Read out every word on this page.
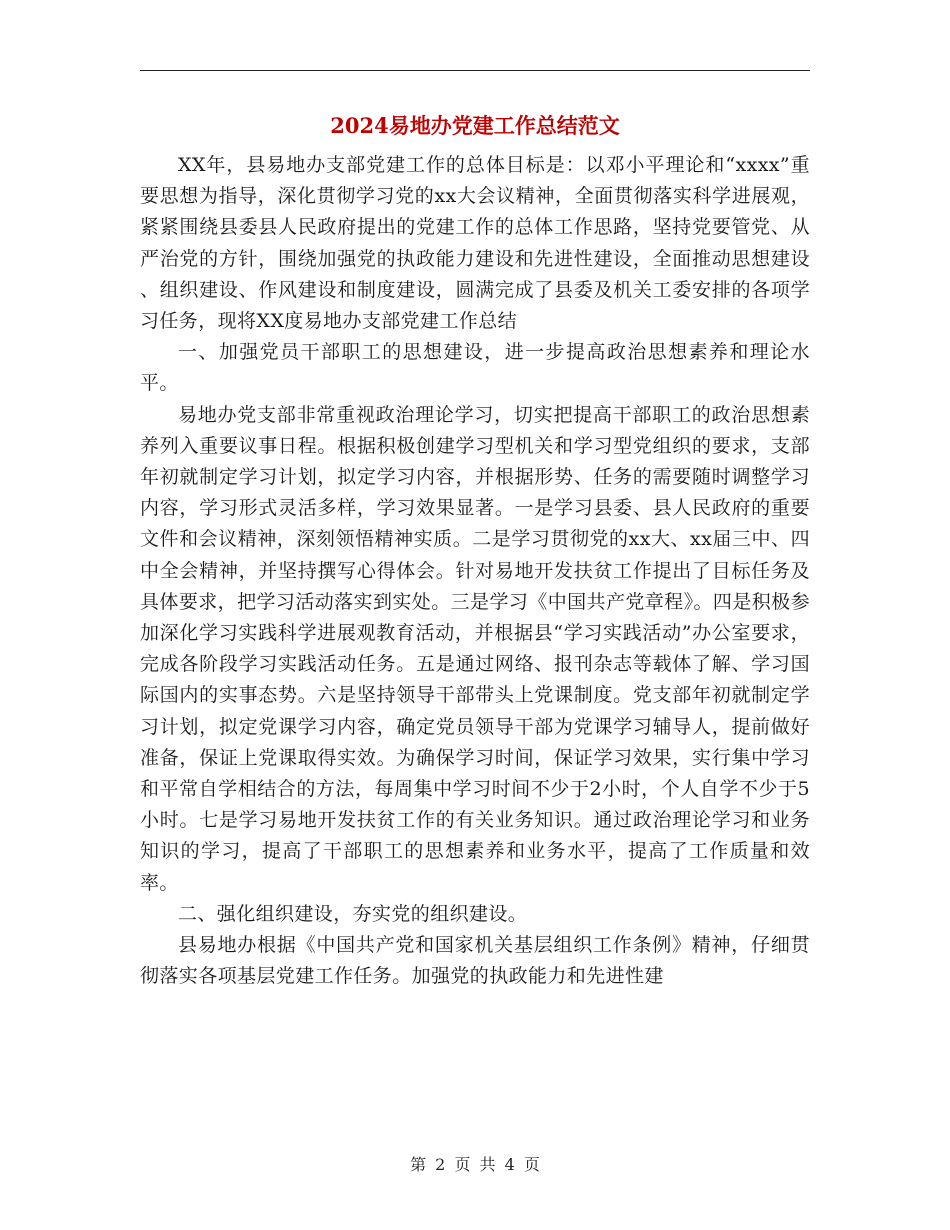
2024易地办党建工作总结范文

XX年，县易地办支部党建工作的总体目标是：以邓小平理论和“xxxx”重要思想为指导，深化贯彻学习党的xx大会议精神，全面贯彻落实科学进展观，紧紧围绕县委县人民政府提出的党建工作的总体工作思路，坚持党要管党、从严治党的方针，围绕加强党的执政能力建设和先进性建设，全面推动思想建设 、组织建设、作风建设和制度建设，圆满完成了县委及机关工委安排的各项学习任务，现将XX度易地办支部党建工作总结

一、加强党员干部职工的思想建设，进一步提高政治思想素养和理论水平。

易地办党支部非常重视政治理论学习，切实把提高干部职工的政治思想素养列入重要议事日程。根据积极创建学习型机关和学习型党组织的要求，支部年初就制定学习计划，拟定学习内容，并根据形势、任务的需要随时调整学习内容，学习形式灵活多样，学习效果显著。一是学习县委、县人民政府的重要文件和会议精神，深刻领悟精神实质。二是学习贯彻党的xx大、xx届三中、四中全会精神，并坚持撰写心得体会。针对易地开发扶贫工作提出了目标任务及具体要求，把学习活动落实到实处。三是学习《中国共产党章程》。四是积极参加深化学习实践科学进展观教育活动，并根据县“学习实践活动”办公室要求，完成各阶段学习实践活动任务。五是通过网络、报刊杂志等载体了解、学习国际国内的实事态势。六是坚持领导干部带头上党课制度。党支部年初就制定学习计划，拟定党课学习内容，确定党员领导干部为党课学习辅导人，提前做好准备，保证上党课取得实效。为确保学习时间，保证学习效果，实行集中学习和平常自学相结合的方法，每周集中学习时间不少于2小时，个人自学不少于5小时。七是学习易地开发扶贫工作的有关业务知识。通过政治理论学习和业务知识的学习，提高了干部职工的思想素养和业务水平，提高了工作质量和效率。

二、强化组织建设，夯实党的组织建设。

县易地办根据《中国共产党和国家机关基层组织工作条例》精神，仔细贯彻落实各项基层党建工作任务。加强党的执政能力和先进性建

第 2 页 共 4 页
